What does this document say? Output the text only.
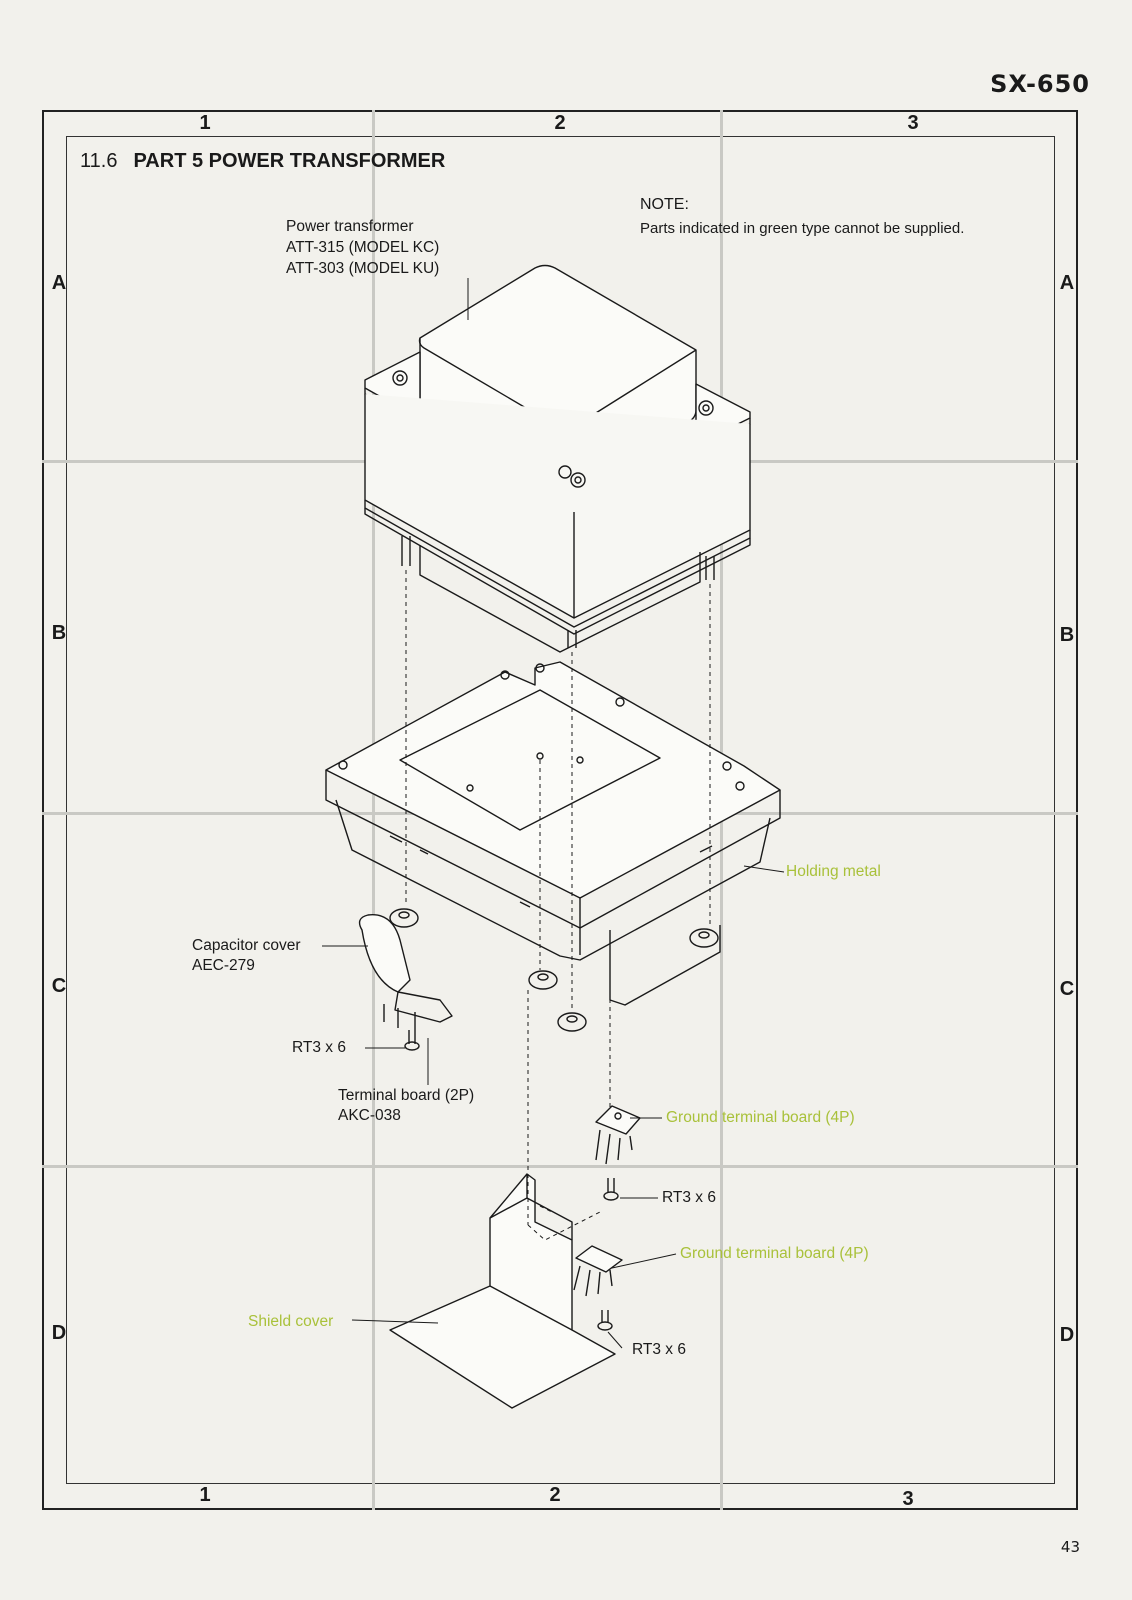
SX-650
1	2	3
1	2	3
A
B
C
D
A
B
C
D
11.6 PART 5 POWER TRANSFORMER
NOTE:
Parts indicated in green type cannot be supplied.
Power transformer
ATT-315 (MODEL KC)
ATT-303 (MODEL KU)
Holding metal
Capacitor cover
AEC-279
RT3 x 6
Terminal board (2P)
AKC-038	Ground terminal board (4P)
RT3 x 6
Ground terminal board (4P)
Shield cover
RT3 x 6
43
